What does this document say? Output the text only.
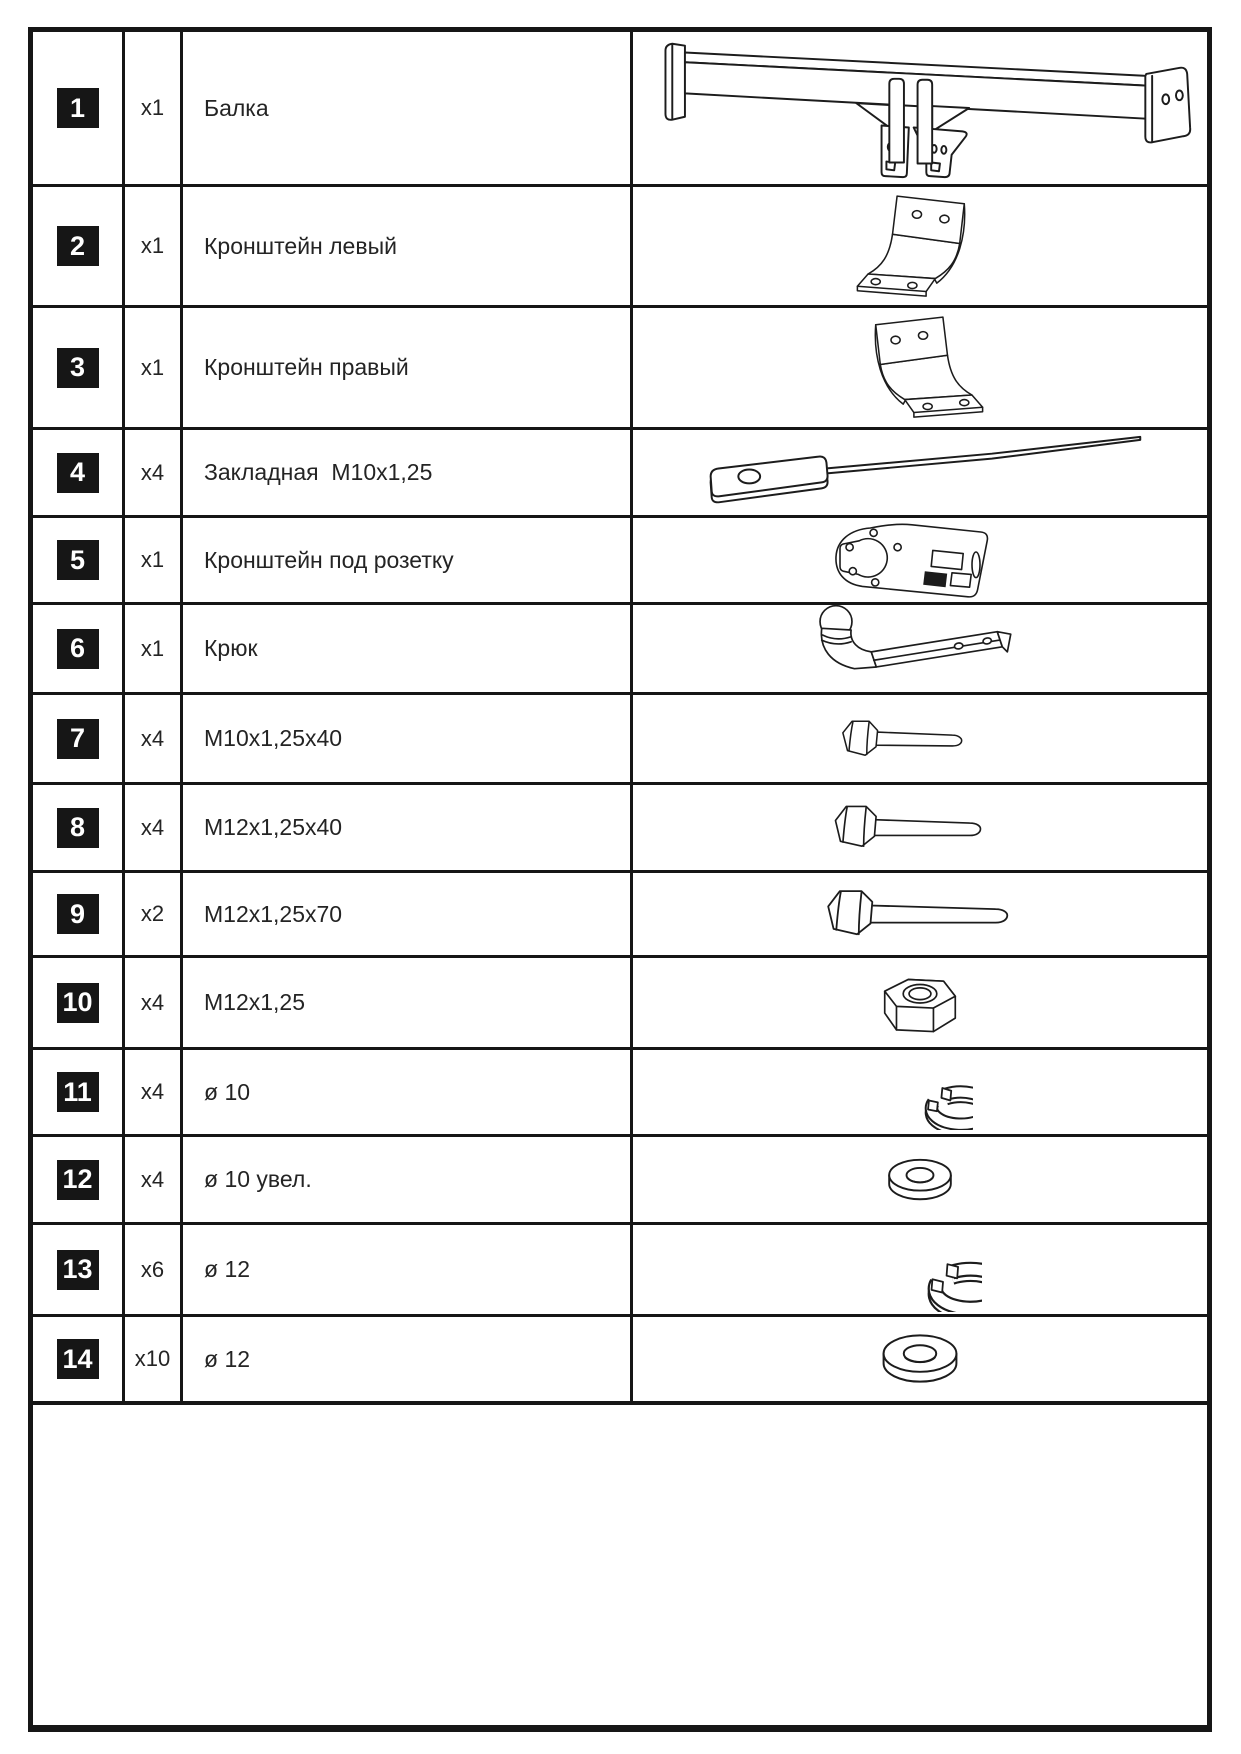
1	x1 Балка
2	x1 Кронштейн левый
3	x1 Кронштейн правый
4	x4 Закладная  М10х1,25
5	x1 Кронштейн под розетку
6	x1 Крюк
7	x4 М10х1,25х40
8	x4 М12х1,25х40
9	x2 М12х1,25х70
10 x4 М12х1,25
11	x4 ø 10
12 x4 ø 10 увел.
13 x6 ø 12
14 x10 ø 12
